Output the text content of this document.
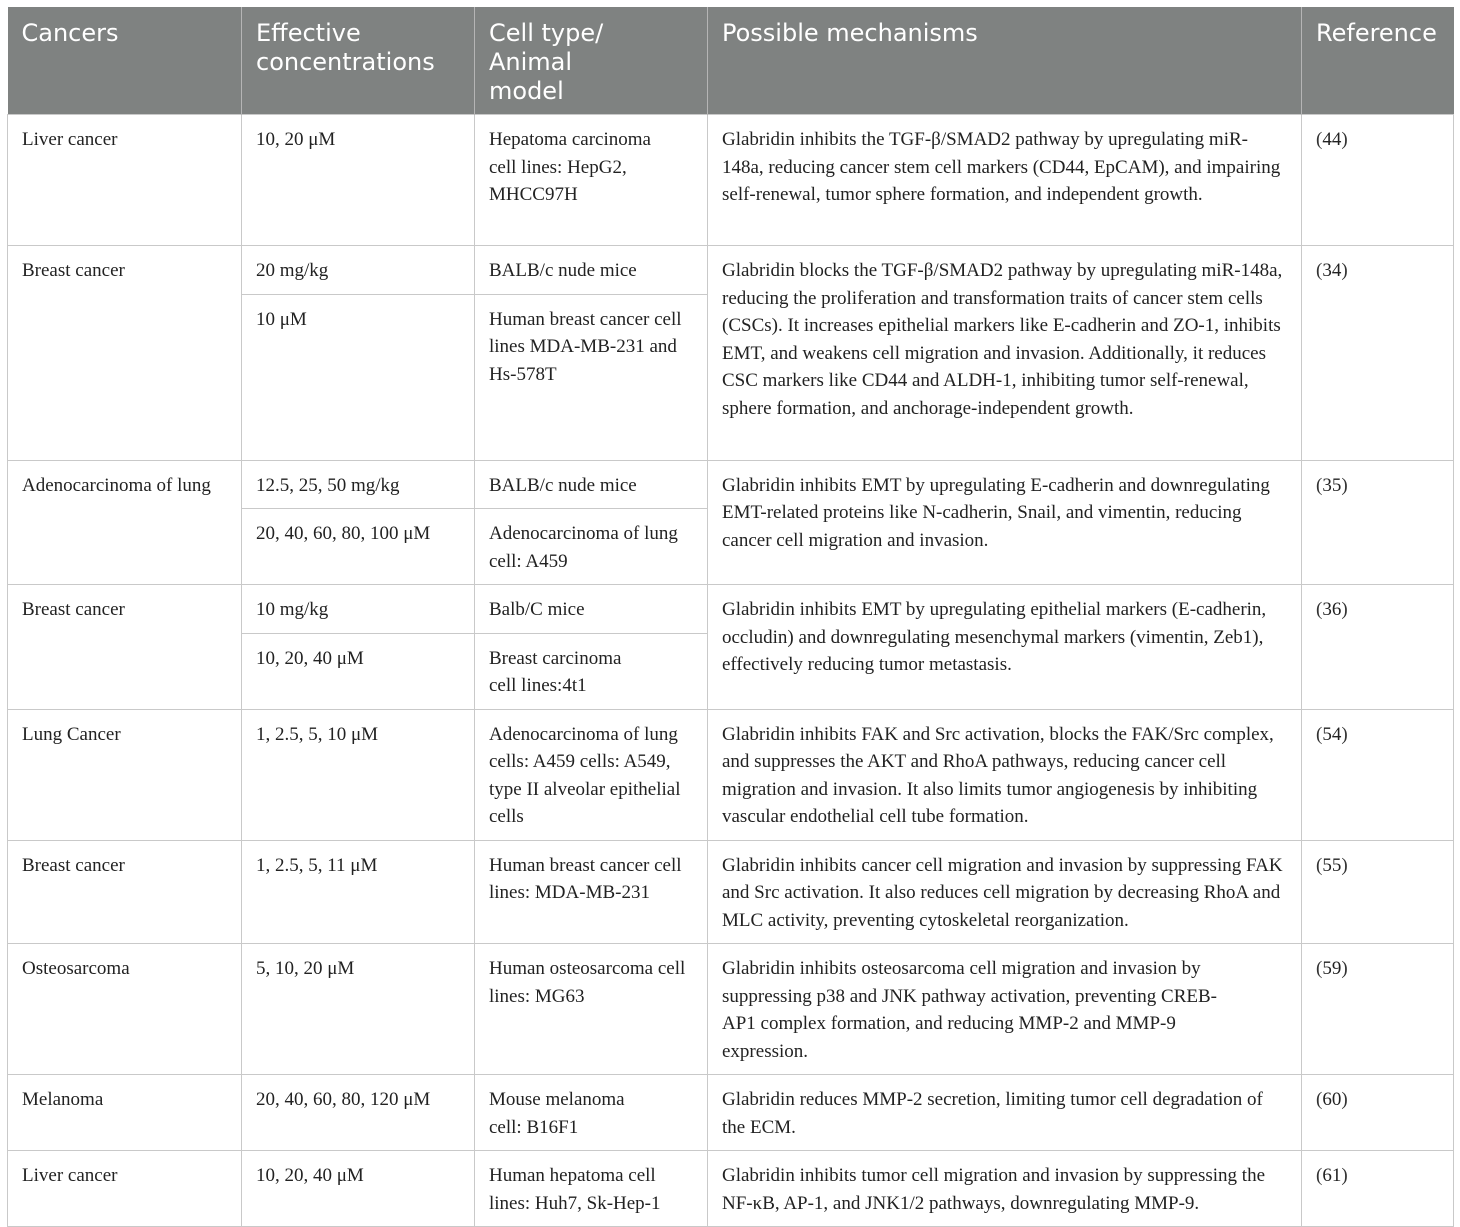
Cancers	Effective concentrations	Cell type/ Animal model	Possible mechanisms	Reference
Liver cancer	10, 20 μM	Hepatoma carcinoma cell lines: HepG2, MHCC97H	Glabridin inhibits the TGF-β/SMAD2 pathway by upregulating miR-148a, reducing cancer stem cell markers (CD44, EpCAM), and impairing self-renewal, tumor sphere formation, and independent growth.	(44)
Breast cancer	20 mg/kg	BALB/c nude mice	Glabridin blocks the TGF-β/SMAD2 pathway by upregulating miR-148a, reducing the proliferation and transformation traits of cancer stem cells (CSCs). It increases epithelial markers like E-cadherin and ZO-1, inhibits EMT, and weakens cell migration and invasion. Additionally, it reduces CSC markers like CD44 and ALDH-1, inhibiting tumor self-renewal, sphere formation, and anchorage-independent growth.	(34)
	10 μM	Human breast cancer cell lines MDA-MB-231 and Hs-578T		
Adenocarcinoma of lung	12.5, 25, 50 mg/kg	BALB/c nude mice	Glabridin inhibits EMT by upregulating E-cadherin and downregulating EMT-related proteins like N-cadherin, Snail, and vimentin, reducing cancer cell migration and invasion.	(35)
	20, 40, 60, 80, 100 μM	Adenocarcinoma of lung cell: A459		
Breast cancer	10 mg/kg	Balb/C mice	Glabridin inhibits EMT by upregulating epithelial markers (E-cadherin, occludin) and downregulating mesenchymal markers (vimentin, Zeb1), effectively reducing tumor metastasis.	(36)
	10, 20, 40 μM	Breast carcinoma cell lines:4t1		
Lung Cancer	1, 2.5, 5, 10 μM	Adenocarcinoma of lung cells: A459 cells: A549, type II alveolar epithelial cells	Glabridin inhibits FAK and Src activation, blocks the FAK/Src complex, and suppresses the AKT and RhoA pathways, reducing cancer cell migration and invasion. It also limits tumor angiogenesis by inhibiting vascular endothelial cell tube formation.	(54)
Breast cancer	1, 2.5, 5, 11 μM	Human breast cancer cell lines: MDA-MB-231	Glabridin inhibits cancer cell migration and invasion by suppressing FAK and Src activation. It also reduces cell migration by decreasing RhoA and MLC activity, preventing cytoskeletal reorganization.	(55)
Osteosarcoma	5, 10, 20 μM	Human osteosarcoma cell lines: MG63	Glabridin inhibits osteosarcoma cell migration and invasion by suppressing p38 and JNK pathway activation, preventing CREB-AP1 complex formation, and reducing MMP-2 and MMP-9 expression.	(59)
Melanoma	20, 40, 60, 80, 120 μM	Mouse melanoma cell: B16F1	Glabridin reduces MMP-2 secretion, limiting tumor cell degradation of the ECM.	(60)
Liver cancer	10, 20, 40 μM	Human hepatoma cell lines: Huh7, Sk-Hep-1	Glabridin inhibits tumor cell migration and invasion by suppressing the NF-κB, AP-1, and JNK1/2 pathways, downregulating MMP-9.	(61)
